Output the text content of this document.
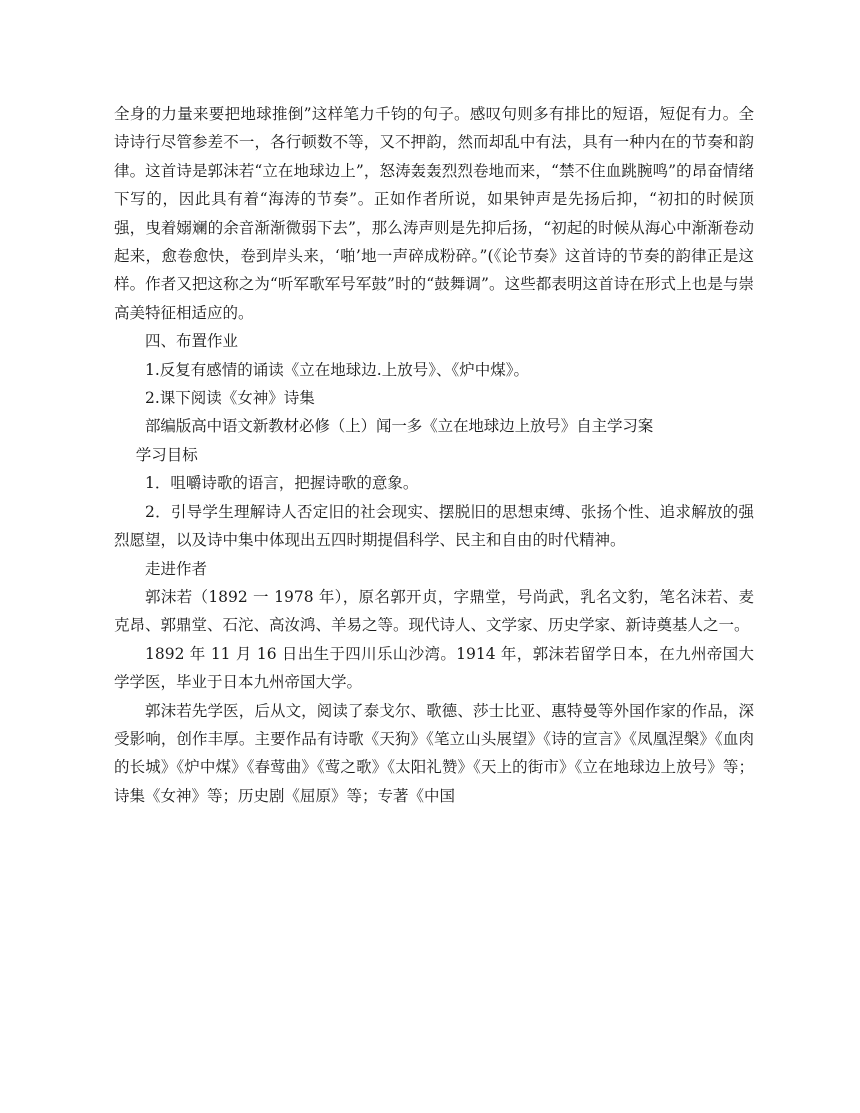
全身的力量来要把地球推倒”这样笔力千钧的句子。感叹句则多有排比的短语，短促有力。全诗诗行尽管参差不一，各行顿数不等，又不押韵，然而却乱中有法，具有一种内在的节奏和韵律。这首诗是郭沫若“立在地球边上”，怒涛轰轰烈烈卷地而来，“禁不住血跳腕鸣”的昂奋情绪下写的，因此具有着“海涛的节奏”。正如作者所说，如果钟声是先扬后抑，“初扣的时候顶强，曳着嫋斓的余音渐渐微弱下去”，那么涛声则是先抑后扬，“初起的时候从海心中渐渐卷动起来，愈卷愈快，卷到岸头来，‘啪’地一声碎成粉碎。”(《论节奏》这首诗的节奏的韵律正是这样。作者又把这称之为“听军歌军号军鼓”时的“鼓舞调”。这些都表明这首诗在形式上也是与崇高美特征相适应的。

四、布置作业

1.反复有感情的诵读《立在地球边.上放号》、《炉中煤》。

2.课下阅读《女神》诗集

部编版高中语文新教材必修（上）闻一多《立在地球边上放号》自主学习案

学习目标

1．咀嚼诗歌的语言，把握诗歌的意象。

2．引导学生理解诗人否定旧的社会现实、摆脱旧的思想束缚、张扬个性、追求解放的强烈愿望，以及诗中集中体现出五四时期提倡科学、民主和自由的时代精神。

走进作者

郭沫若（1892 一 1978 年），原名郭开贞，字鼎堂，号尚武，乳名文豹，笔名沫若、麦克昂、郭鼎堂、石沱、高汝鸿、羊易之等。现代诗人、文学家、历史学家、新诗奠基人之一。

1892 年 11 月 16 日出生于四川乐山沙湾。1914 年，郭沫若留学日本，在九州帝国大学学医，毕业于日本九州帝国大学。

郭沫若先学医，后从文，阅读了泰戈尔、歌德、莎士比亚、惠特曼等外国作家的作品，深受影响，创作丰厚。主要作品有诗歌《天狗》《笔立山头展望》《诗的宣言》《凤凰涅槃》《血肉的长城》《炉中煤》《春莺曲》《莺之歌》《太阳礼赞》《天上的街市》《立在地球边上放号》等；诗集《女神》等；历史剧《屈原》等；专著《中国
